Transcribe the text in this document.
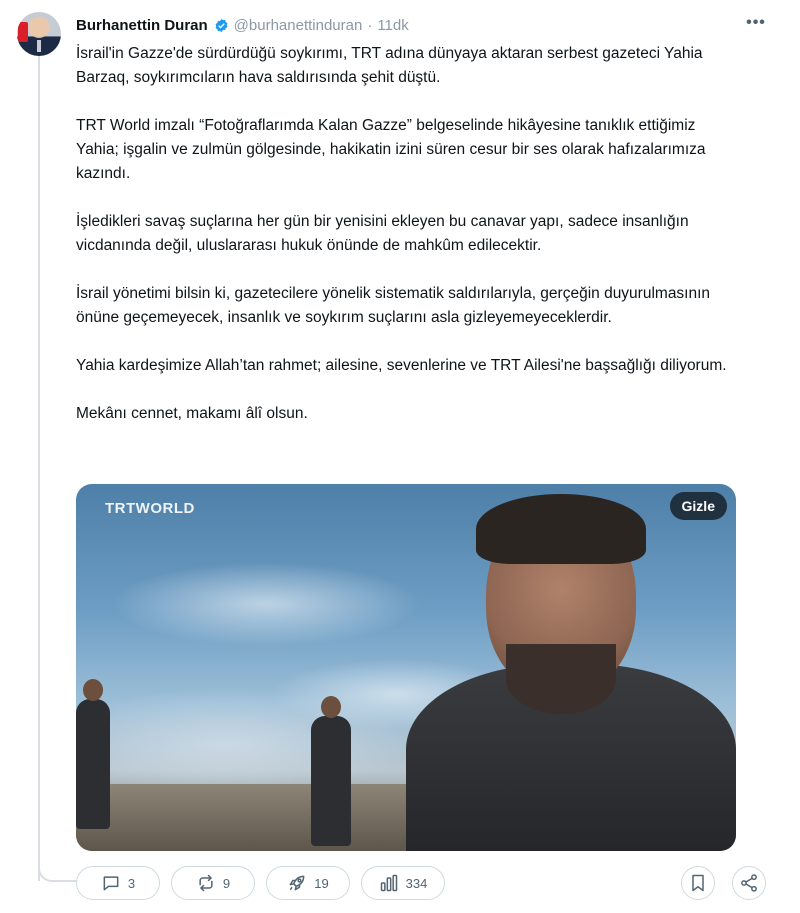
Burhanettin Duran @burhanettinduran · 11dk	•••

İsrail'in Gazze'de sürdürdüğü soykırımı, TRT adına dünyaya aktaran serbest gazeteci Yahia Barzaq, soykırımcıların hava saldırısında şehit düştü.

TRT World imzalı “Fotoğraflarımda Kalan Gazze” belgeselinde hikâyesine tanıklık ettiğimiz Yahia; işgalin ve zulmün gölgesinde, hakikatin izini süren cesur bir ses olarak hafızalarımıza kazındı.

İşledikleri savaş suçlarına her gün bir yenisini ekleyen bu canavar yapı, sadece insanlığın vicdanında değil, uluslararası hukuk önünde de mahkûm edilecektir.

İsrail yönetimi bilsin ki, gazetecilere yönelik sistematik saldırılarıyla, gerçeğin duyurulmasının önüne geçemeyecek, insanlık ve soykırım suçlarını asla gizleyemeyeceklerdir.

Yahia kardeşimize Allah’tan rahmet; ailesine, sevenlerine ve TRT Ailesi'ne başsağlığı diliyorum.

Mekânı cennet, makamı âlî olsun.

TRTWORLD	Gizle
3	9	19	334
